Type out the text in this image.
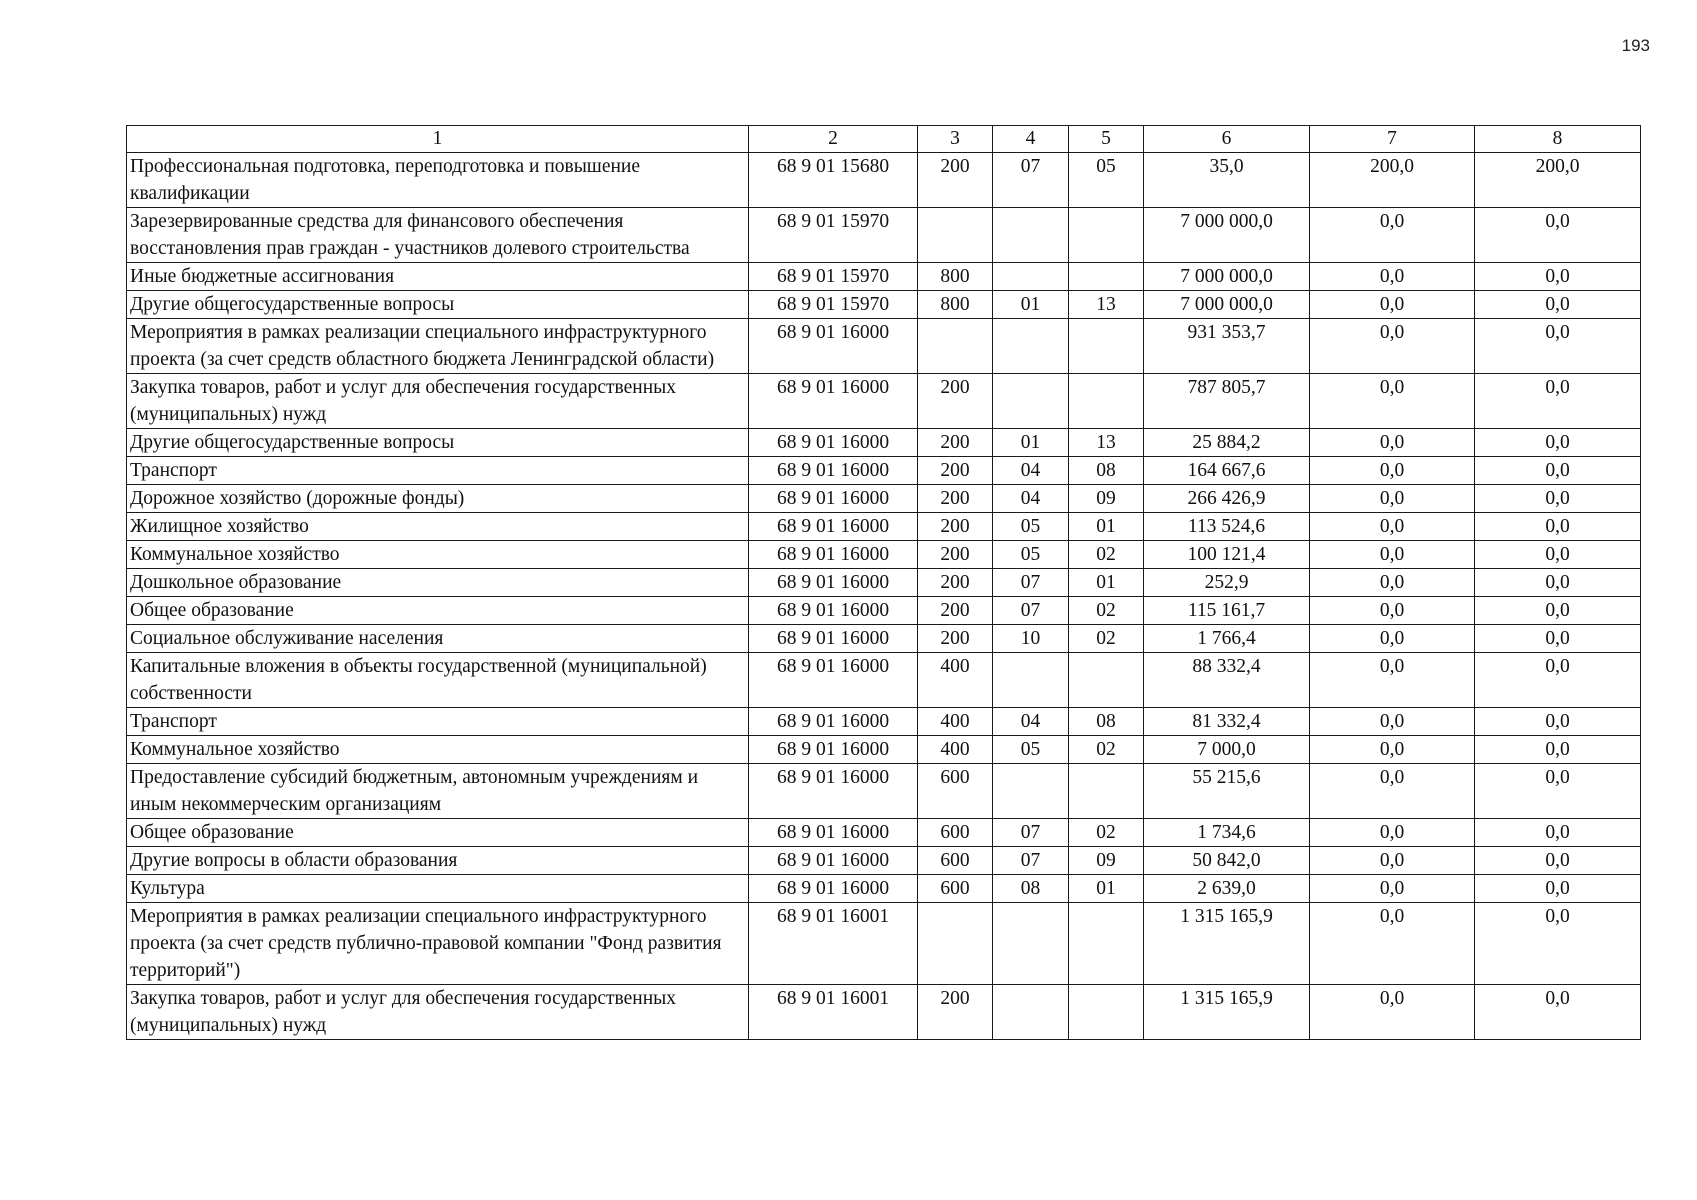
193
1	2	3	4	5	6	7	8
Профессиональная подготовка, переподготовка и повышение квалификации	68 9 01 15680	200	07	05	35,0	200,0	200,0
Зарезервированные средства для финансового обеспечения восстановления прав граждан - участников долевого строительства	68 9 01 15970				7 000 000,0	0,0	0,0
Иные бюджетные ассигнования	68 9 01 15970	800			7 000 000,0	0,0	0,0
Другие общегосударственные вопросы	68 9 01 15970	800	01	13	7 000 000,0	0,0	0,0
Мероприятия в рамках реализации специального инфраструктурного проекта (за счет средств областного бюджета Ленинградской области)	68 9 01 16000				931 353,7	0,0	0,0
Закупка товаров, работ и услуг для обеспечения государственных (муниципальных) нужд	68 9 01 16000	200			787 805,7	0,0	0,0
Другие общегосударственные вопросы	68 9 01 16000	200	01	13	25 884,2	0,0	0,0
Транспорт	68 9 01 16000	200	04	08	164 667,6	0,0	0,0
Дорожное хозяйство (дорожные фонды)	68 9 01 16000	200	04	09	266 426,9	0,0	0,0
Жилищное хозяйство	68 9 01 16000	200	05	01	113 524,6	0,0	0,0
Коммунальное хозяйство	68 9 01 16000	200	05	02	100 121,4	0,0	0,0
Дошкольное образование	68 9 01 16000	200	07	01	252,9	0,0	0,0
Общее образование	68 9 01 16000	200	07	02	115 161,7	0,0	0,0
Социальное обслуживание населения	68 9 01 16000	200	10	02	1 766,4	0,0	0,0
Капитальные вложения в объекты государственной (муниципальной) собственности	68 9 01 16000	400			88 332,4	0,0	0,0
Транспорт	68 9 01 16000	400	04	08	81 332,4	0,0	0,0
Коммунальное хозяйство	68 9 01 16000	400	05	02	7 000,0	0,0	0,0
Предоставление субсидий бюджетным, автономным учреждениям и иным некоммерческим организациям	68 9 01 16000	600			55 215,6	0,0	0,0
Общее образование	68 9 01 16000	600	07	02	1 734,6	0,0	0,0
Другие вопросы в области образования	68 9 01 16000	600	07	09	50 842,0	0,0	0,0
Культура	68 9 01 16000	600	08	01	2 639,0	0,0	0,0
Мероприятия в рамках реализации специального инфраструктурного проекта (за счет средств публично-правовой компании "Фонд развития территорий")	68 9 01 16001				1 315 165,9	0,0	0,0
Закупка товаров, работ и услуг для обеспечения государственных (муниципальных) нужд	68 9 01 16001	200			1 315 165,9	0,0	0,0
